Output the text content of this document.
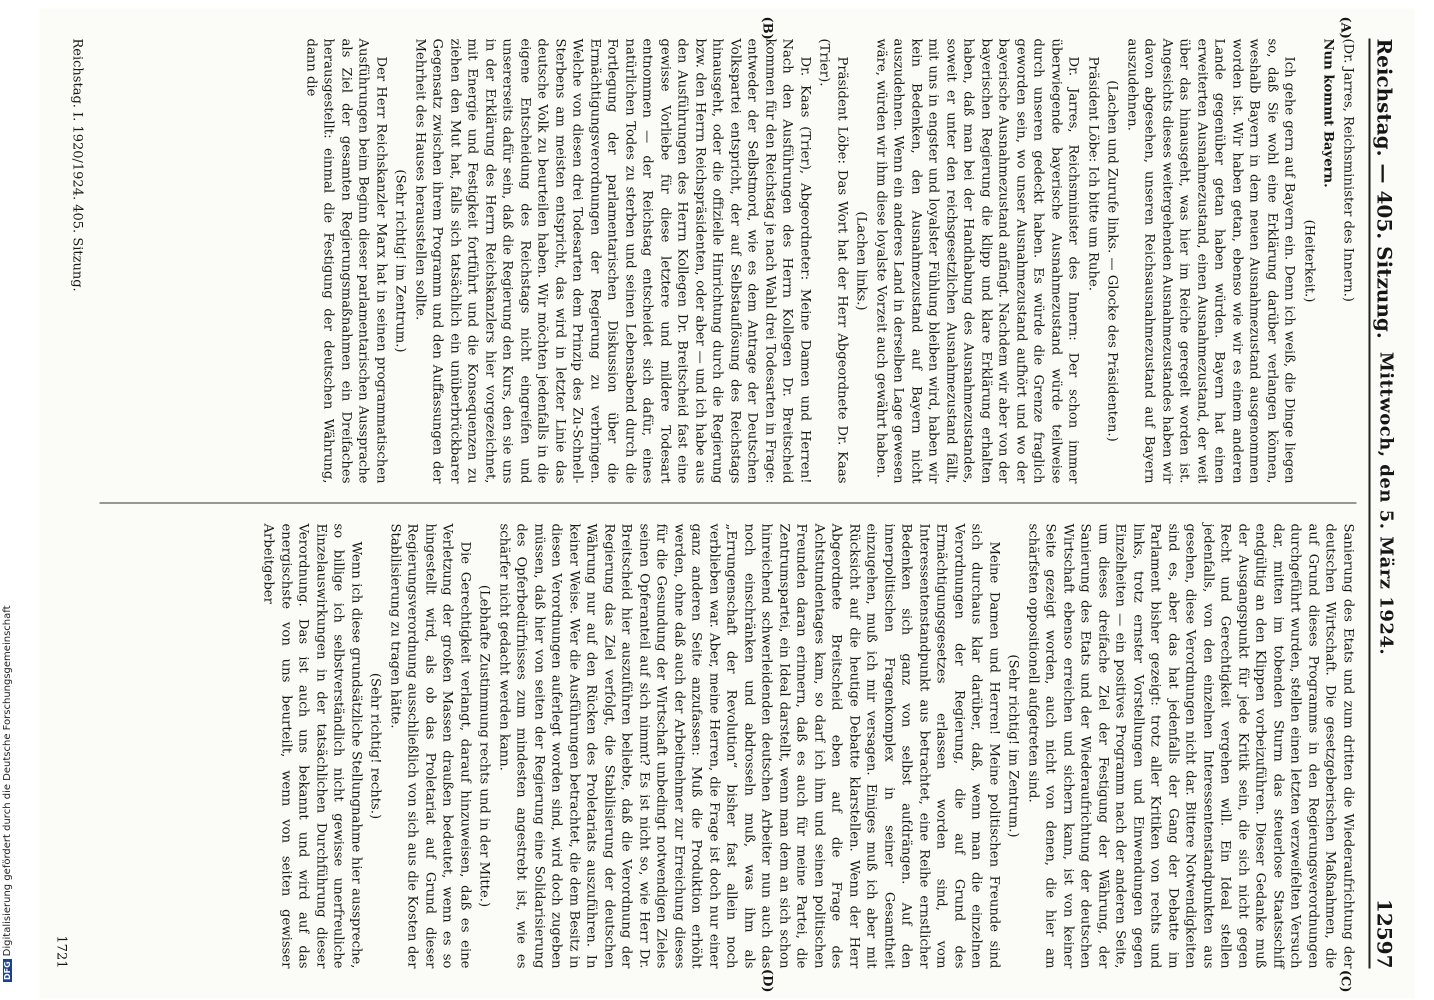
Reichstag. — 405. Sitzung.
Mittwoch, den 5. März 1924.
12597
(A)
(B)
(C)
(D)

(Dr. Jarres, Reichsminister des Innern.)

Nun kommt Bayern.

(Heiterkeit.)

Ich gehe gern auf Bayern ein. Denn ich weiß, die Dinge liegen so, daß Sie wohl eine Erklärung darüber verlangen können, weshalb Bayern in dem neuen Ausnahmezustand ausgenommen worden ist. Wir haben getan, ebenso wie wir es einem anderen Lande gegenüber getan haben würden. Bayern hat einen erweiterten Ausnahmezustand, einen Ausnahmezustand, der weit über das hinausgeht, was hier im Reiche geregelt worden ist. Angesichts dieses weitergehenden Ausnahmezustandes haben wir davon abgesehen, unseren Reichsausnahmezustand auf Bayern auszudehnen.

(Lachen und Zurufe links. — Glocke des Präsidenten.)

Präsident Löbe: Ich bitte um Ruhe.

Dr. Jarres, Reichsminister des Innern: Der schon immer überwiegende bayerische Ausnahmezustand würde teilweise durch unseren gedeckt haben. Es würde die Grenze fraglich geworden sein, wo unser Ausnahmezustand aufhört und wo der bayerische Ausnahmezustand anfängt. Nachdem wir aber von der bayerischen Regierung die klipp und klare Erklärung erhalten haben, daß man bei der Handhabung des Ausnahmezustandes, soweit er unter den reichsgesetzlichen Ausnahmezustand fällt, mit uns in engster und loyalster Fühlung bleiben wird, haben wir kein Bedenken, den Ausnahmezustand auf Bayern nicht auszudehnen. Wenn ein anderes Land in derselben Lage gewesen wäre, würden wir ihm diese loyalste Vorzeit auch gewährt haben.

(Lachen links.)

Präsident Löbe: Das Wort hat der Herr Abgeordnete Dr. Kaas (Trier).

Dr. Kaas (Trier), Abgeordneter: Meine Damen und Herren! Nach den Ausführungen des Herrn Kollegen Dr. Breitscheid kommen für den Reichstag je nach Wahl drei Todesarten in Frage: entweder der Selbstmord, wie es dem Antrage der Deutschen Volkspartei entspricht, der auf Selbstauflösung des Reichstags hinausgeht, oder die offizielle Hinrichtung durch die Regierung bzw. den Herrn Reichspräsidenten, oder aber — und ich habe aus den Ausführungen des Herrn Kollegen Dr. Breitscheid fast eine gewisse Vorliebe für diese letztere und mildere Todesart entnommen — der Reichstag entscheidet sich dafür, eines natürlichen Todes zu sterben und seinen Lebensabend durch die Fortlegung der parlamentarischen Diskussion über die Ermächtigungsverordnungen der Regierung zu verbringen. Welche von diesen drei Todesarten dem Prinzip des Zu-Schnell-Sterbens am meisten entspricht, das wird in letzter Linie das deutsche Volk zu beurteilen haben. Wir möchten jedenfalls in die eigene Entscheidung des Reichstags nicht eingreifen und unsererseits dafür sein, daß die Regierung den Kurs, den sie uns in der Erklärung des Herrn Reichskanzlers hier vorgezeichnet, mit Energie und Festigkeit fortführt und die Konsequenzen zu ziehen den Mut hat, falls sich tatsächlich ein unüberbrückbarer Gegensatz zwischen ihrem Programm und den Auffassungen der Mehrheit des Hauses herausstellen sollte.

(Sehr richtig! im Zentrum.)

Der Herr Reichskanzler Marx hat in seinen programmatischen Ausführungen beim Beginn dieser parlamentarischen Aussprache als Ziel der gesamten Regierungsmaßnahmen ein Dreifaches herausgestellt: einmal die Festigung der deutschen Währung, dann die

Sanierung des Etats und zum dritten die Wiederaufrichtung der deutschen Wirtschaft. Die gesetzgeberischen Maßnahmen, die auf Grund dieses Programms in den Regierungsverordnungen durchgeführt wurden, stellen einen letzten verzweifelten Versuch dar, mitten im tobenden Sturm das steuerlose Staatsschiff endgültig an den Klippen vorbeizuführen. Dieser Gedanke muß der Ausgangspunkt für jede Kritik sein, die sich nicht gegen Recht und Gerechtigkeit vergehen will. Ein Ideal stellen jedenfalls, von den einzelnen Interessentenstandpunkten aus gesehen, diese Verordnungen nicht dar. Bittere Notwendigkeiten sind es, aber das hat jedenfalls der Gang der Debatte im Parlament bisher gezeigt: trotz aller Kritiken von rechts und links, trotz ernster Vorstellungen und Einwendungen gegen Einzelheiten — ein positives Programm nach der anderen Seite, um dieses dreifache Ziel der Festigung der Währung, der Sanierung des Etats und der Wiederaufrichtung der deutschen Wirtschaft ebenso erreichen und sichern kann, ist von keiner Seite gezeigt worden, auch nicht von denen, die hier am schärfsten oppositionell aufgetreten sind.

(Sehr richtig! im Zentrum.)

Meine Damen und Herren! Meine politischen Freunde sind sich durchaus klar darüber, daß, wenn man die einzelnen Verordnungen der Regierung, die auf Grund des Ermächtigungsgesetzes erlassen worden sind, vom Interessentenstandpunkt aus betrachtet, eine Reihe ernstlicher Bedenken sich ganz von selbst aufdrängen. Auf den innerpolitischen Fragenkomplex in seiner Gesamtheit einzugehen, muß ich mir versagen. Einiges muß ich aber mit Rücksicht auf die heutige Debatte klarstellen. Wenn der Herr Abgeordnete Breitscheid eben auf die Frage des Achtstundentages kam, so darf ich ihm und seinen politischen Freunden daran erinnern, daß es auch für meine Partei, die Zentrumspartei, ein Ideal darstellt, wenn man dem an sich schon hinreichend schwerleidenden deutschen Arbeiter nun auch das noch einschränken und abdrosseln muß, was ihm als „Errungenschaft der Revolution“ bisher fast allein noch verblieben war. Aber, meine Herren, die Frage ist doch nur einer ganz anderen Seite anzufassen: Muß die Produktion erhöht werden, ohne daß auch der Arbeitnehmer zur Erreichung dieses für die Gesundung der Wirtschaft unbedingt notwendigen Zieles seinen Opferanteil auf sich nimmt? Es ist nicht so, wie Herr Dr. Breitscheid hier auszuführen beliebte, daß die Verordnung der Regierung das Ziel verfolgt, die Stabilisierung der deutschen Währung nur auf den Rücken des Proletariats auszuführen. In keiner Weise. Wer die Ausführungen betrachtet, die dem Besitz in diesen Verordnungen auferlegt worden sind, wird doch zugeben müssen, daß hier von seiten der Regierung eine Solidarisierung des Opferbedürfnisses zum mindesten angestrebt ist, wie es schärfer nicht gedacht werden kann.

(Lebhafte Zustimmung rechts und in der Mitte.)

Die Gerechtigkeit verlangt, darauf hinzuweisen, daß es eine Verletzung der großen Massen draußen bedeutet, wenn es so hingestellt wird, als ob das Proletariat auf Grund dieser Regierungsverordnung ausschließlich von sich aus die Kosten der Stabilisierung zu tragen hätte.

(Sehr richtig! rechts.)

Wenn ich diese grundsätzliche Stellungnahme hier ausspreche, so billige ich selbstverständlich nicht gewisse unerfreuliche Einzelauswirkungen in der tatsächlichen Durchführung dieser Verordnung. Das ist auch uns bekannt und wird auf das energischste von uns beurteilt, wenn von seiten gewisser Arbeitgeber

Reichstag. I. 1920/1924. 405. Sitzung.
1721
DFGDigitalisierung gefördert durch die Deutsche Forschungsgemeinschaft
